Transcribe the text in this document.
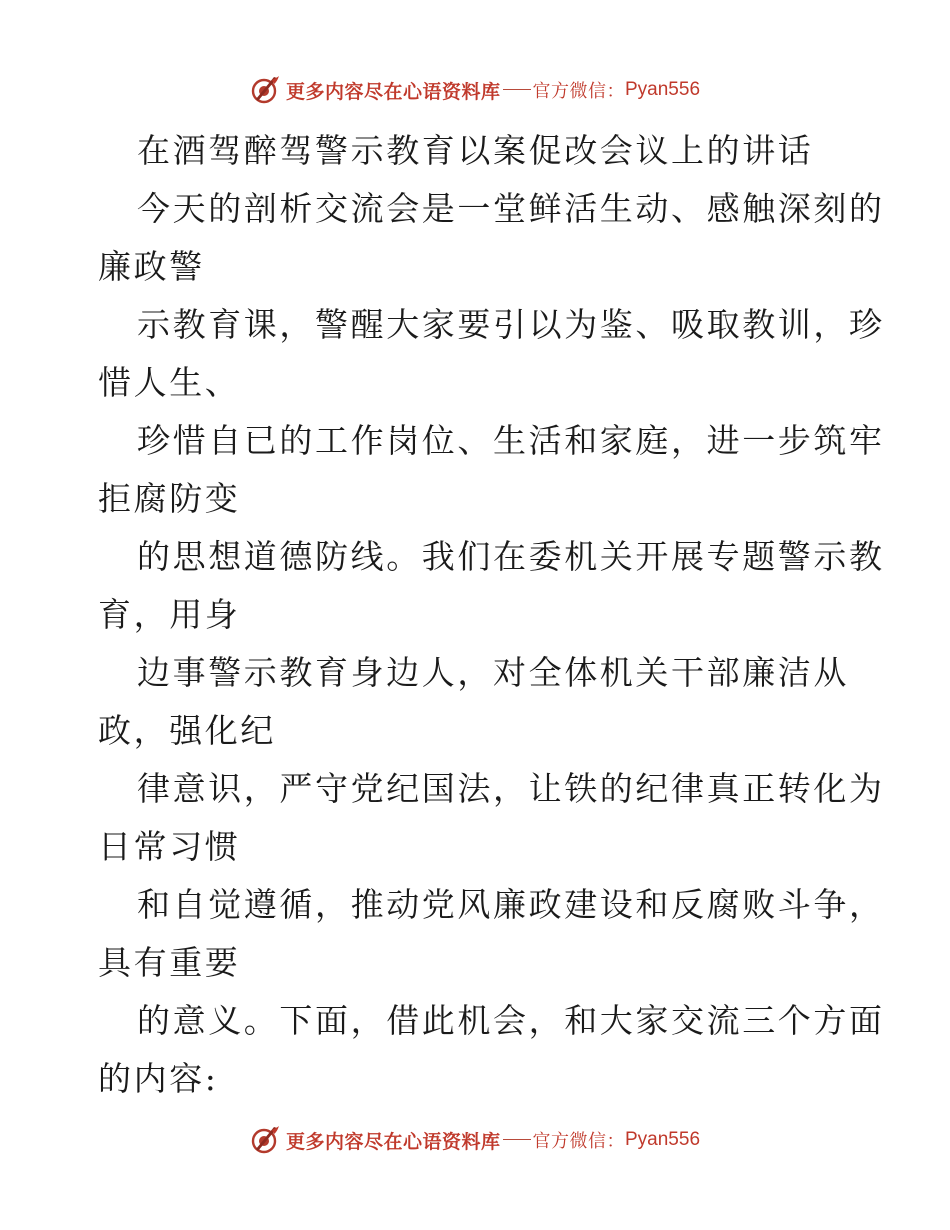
更多内容尽在心语资料库 官方微信： Pyan556
在酒驾醉驾警示教育以案促改会议上的讲话
今天的剖析交流会是一堂鲜活生动、感触深刻的
廉政警
示教育课，警醒大家要引以为鉴、吸取教训，珍
惜人生、
珍惜自已的工作岗位、生活和家庭，进一步筑牢
拒腐防变
的思想道德防线。我们在委机关开展专题警示教
育，用身
边事警示教育身边人，对全体机关干部廉洁从
政，强化纪
律意识，严守党纪国法，让铁的纪律真正转化为
日常习惯
和自觉遵循，推动党风廉政建设和反腐败斗争，
具有重要
的意义。下面，借此机会，和大家交流三个方面
的内容:
更多内容尽在心语资料库 官方微信： Pyan556
